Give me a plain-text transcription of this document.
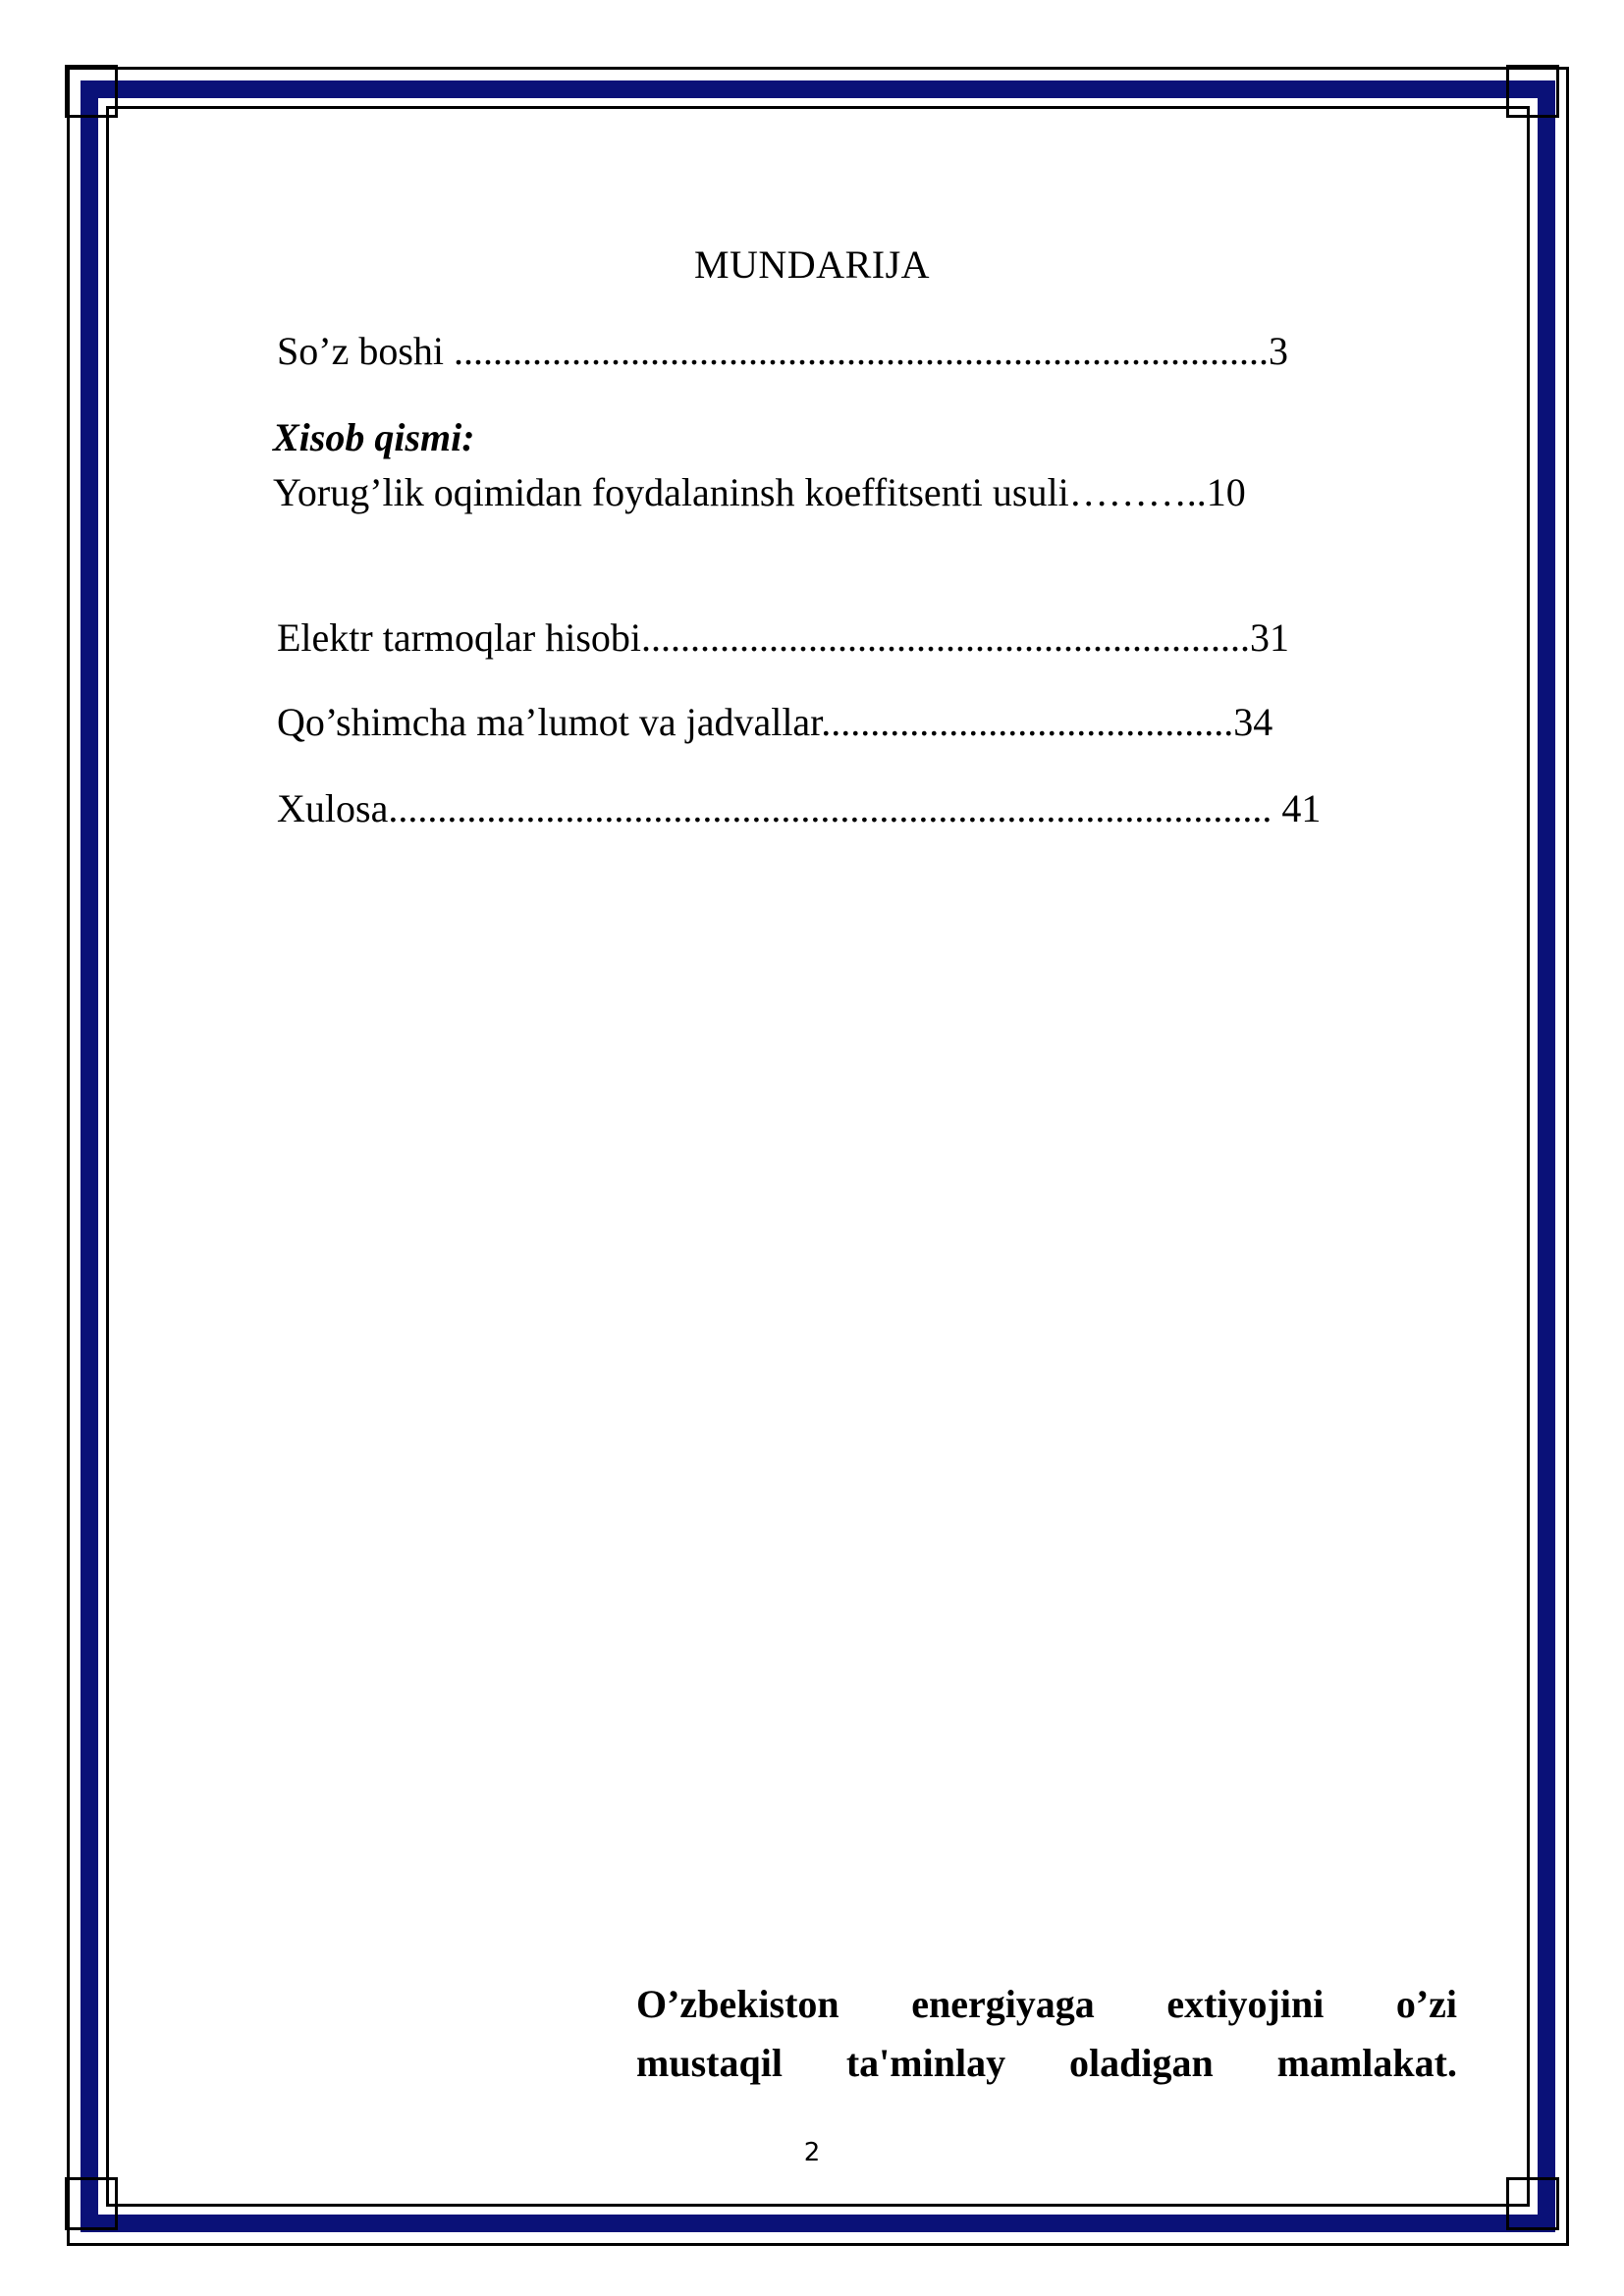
MUNDARIJA
So’z boshi ...................................................................................3
Xisob qismi:
Yorug’lik oqimidan foydalaninsh koeffitsenti usuli………..10
Elektr tarmoqlar hisobi..............................................................31
Qo’shimcha ma’lumot va jadvallar..........................................34
Xulosa.......................................................................................... 41
O’zbekiston energiyaga extiyojini o’zi
mustaqil ta'minlay oladigan mamlakat.
2
